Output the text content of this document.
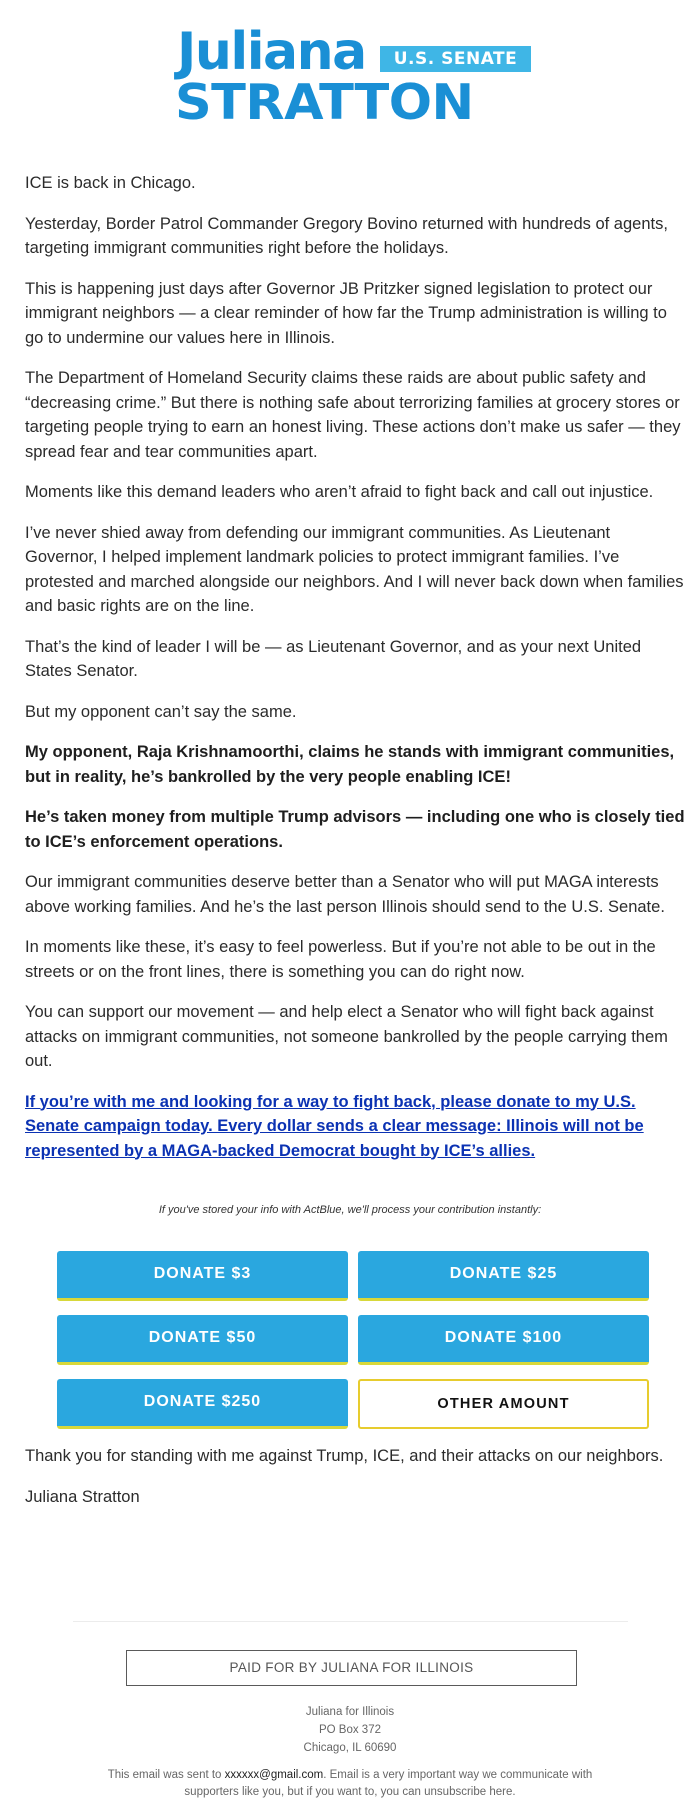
Juliana	U.S. SENATE
STRATTON

ICE is back in Chicago.

Yesterday, Border Patrol Commander Gregory Bovino returned with hundreds of agents, targeting immigrant communities right before the holidays.

This is happening just days after Governor JB Pritzker signed legislation to protect our immigrant neighbors — a clear reminder of how far the Trump administration is willing to go to undermine our values here in Illinois.

The Department of Homeland Security claims these raids are about public safety and “decreasing crime.” But there is nothing safe about terrorizing families at grocery stores or targeting people trying to earn an honest living. These actions don’t make us safer — they spread fear and tear communities apart.

Moments like this demand leaders who aren’t afraid to fight back and call out injustice.

I’ve never shied away from defending our immigrant communities. As Lieutenant Governor, I helped implement landmark policies to protect immigrant families. I’ve protested and marched alongside our neighbors. And I will never back down when families and basic rights are on the line.

That’s the kind of leader I will be — as Lieutenant Governor, and as your next United States Senator.

But my opponent can’t say the same.

My opponent, Raja Krishnamoorthi, claims he stands with immigrant communities, but in reality, he’s bankrolled by the very people enabling ICE!

He’s taken money from multiple Trump advisors — including one who is closely tied to ICE’s enforcement operations.

Our immigrant communities deserve better than a Senator who will put MAGA interests above working families. And he’s the last person Illinois should send to the U.S. Senate.

In moments like these, it’s easy to feel powerless. But if you’re not able to be out in the streets or on the front lines, there is something you can do right now.

You can support our movement — and help elect a Senator who will fight back against attacks on immigrant communities, not someone bankrolled by the people carrying them out.

If you’re with me and looking for a way to fight back, please donate to my U.S. Senate campaign today. Every dollar sends a clear message: Illinois will not be represented by a MAGA-backed Democrat bought by ICE’s allies.
If you've stored your info with ActBlue, we'll process your contribution instantly:
DONATE $3	DONATE $25
DONATE $50	DONATE $100
DONATE $250	OTHER AMOUNT

Thank you for standing with me against Trump, ICE, and their attacks on our neighbors.

Juliana Stratton

PAID FOR BY JULIANA FOR ILLINOIS
Juliana for Illinois
PO Box 372
Chicago, IL 60690
This email was sent to xxxxxx@gmail.com. Email is a very important way we communicate with supporters like you, but if you want to, you can unsubscribe here.
